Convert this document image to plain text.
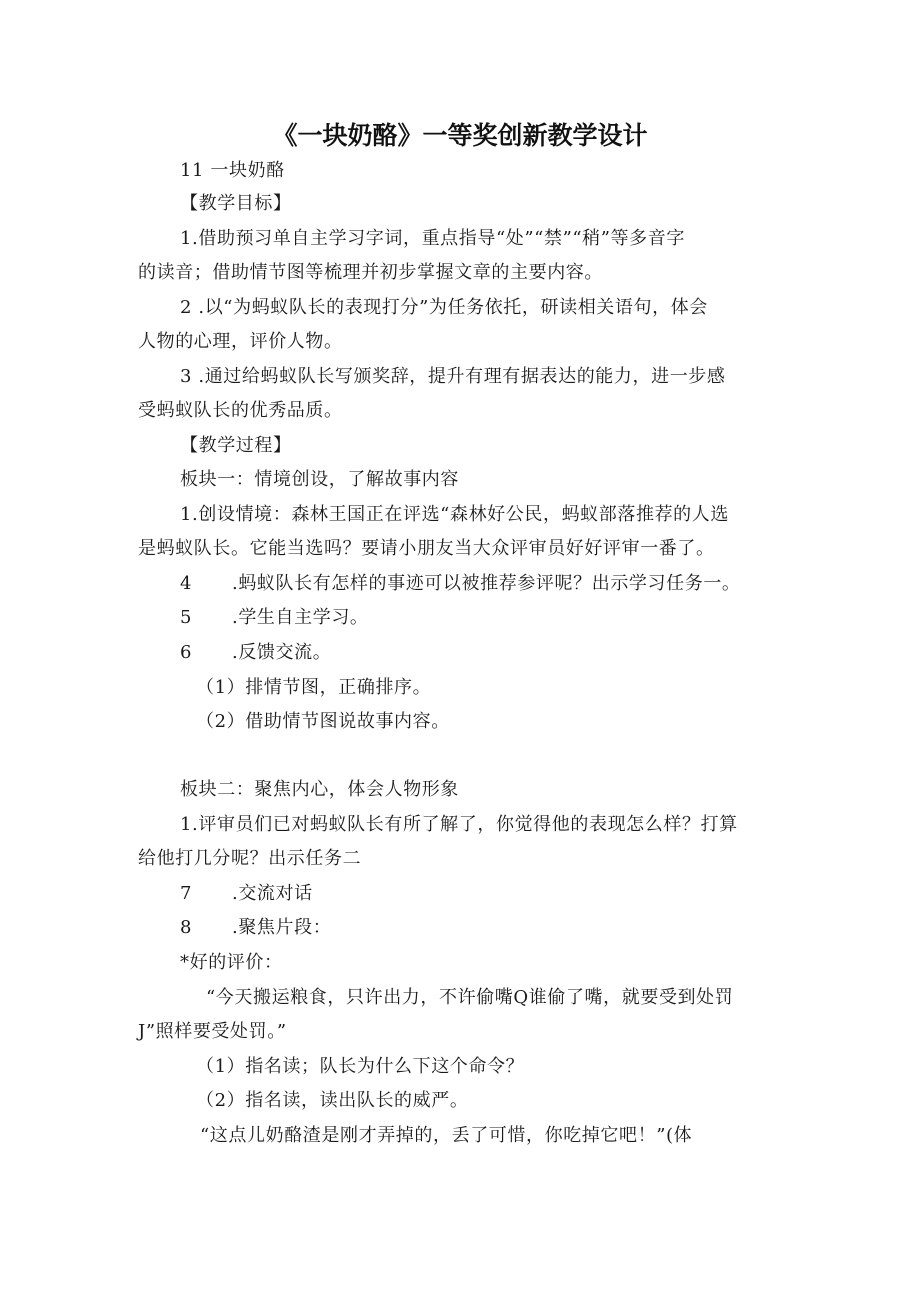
《一块奶酪》一等奖创新教学设计
11 一块奶酪
【教学目标】
1.借助预习单自主学习字词，重点指导“处”“禁”“稍”等多音字
的读音；借助情节图等梳理并初步掌握文章的主要内容。
2 .以“为蚂蚁队长的表现打分”为任务依托，研读相关语句，体会
人物的心理，评价人物。
3 .通过给蚂蚁队长写颁奖辞，提升有理有据表达的能力，进一步感
受蚂蚁队长的优秀品质。
【教学过程】
板块一：情境创设，了解故事内容
1.创设情境：森林王国正在评选“森林好公民，蚂蚁部落推荐的人选
是蚂蚁队长。它能当选吗？要请小朋友当大众评审员好好评审一番了。
4 .蚂蚁队长有怎样的事迹可以被推荐参评呢？出示学习任务一。
5 .学生自主学习。
6 .反馈交流。
（1）排情节图，正确排序。
（2）借助情节图说故事内容。
板块二：聚焦内心，体会人物形象
1.评审员们已对蚂蚁队长有所了解了，你觉得他的表现怎么样？打算
给他打几分呢？出示任务二
7 .交流对话
8 .聚焦片段：
*好的评价：
“今天搬运粮食，只许出力，不许偷嘴Q谁偷了嘴，就要受到处罚
J”照样要受处罚。”
（1）指名读；队长为什么下这个命令？
（2）指名读，读出队长的威严。
“这点儿奶酪渣是刚才弄掉的，丢了可惜，你吃掉它吧！”(体
